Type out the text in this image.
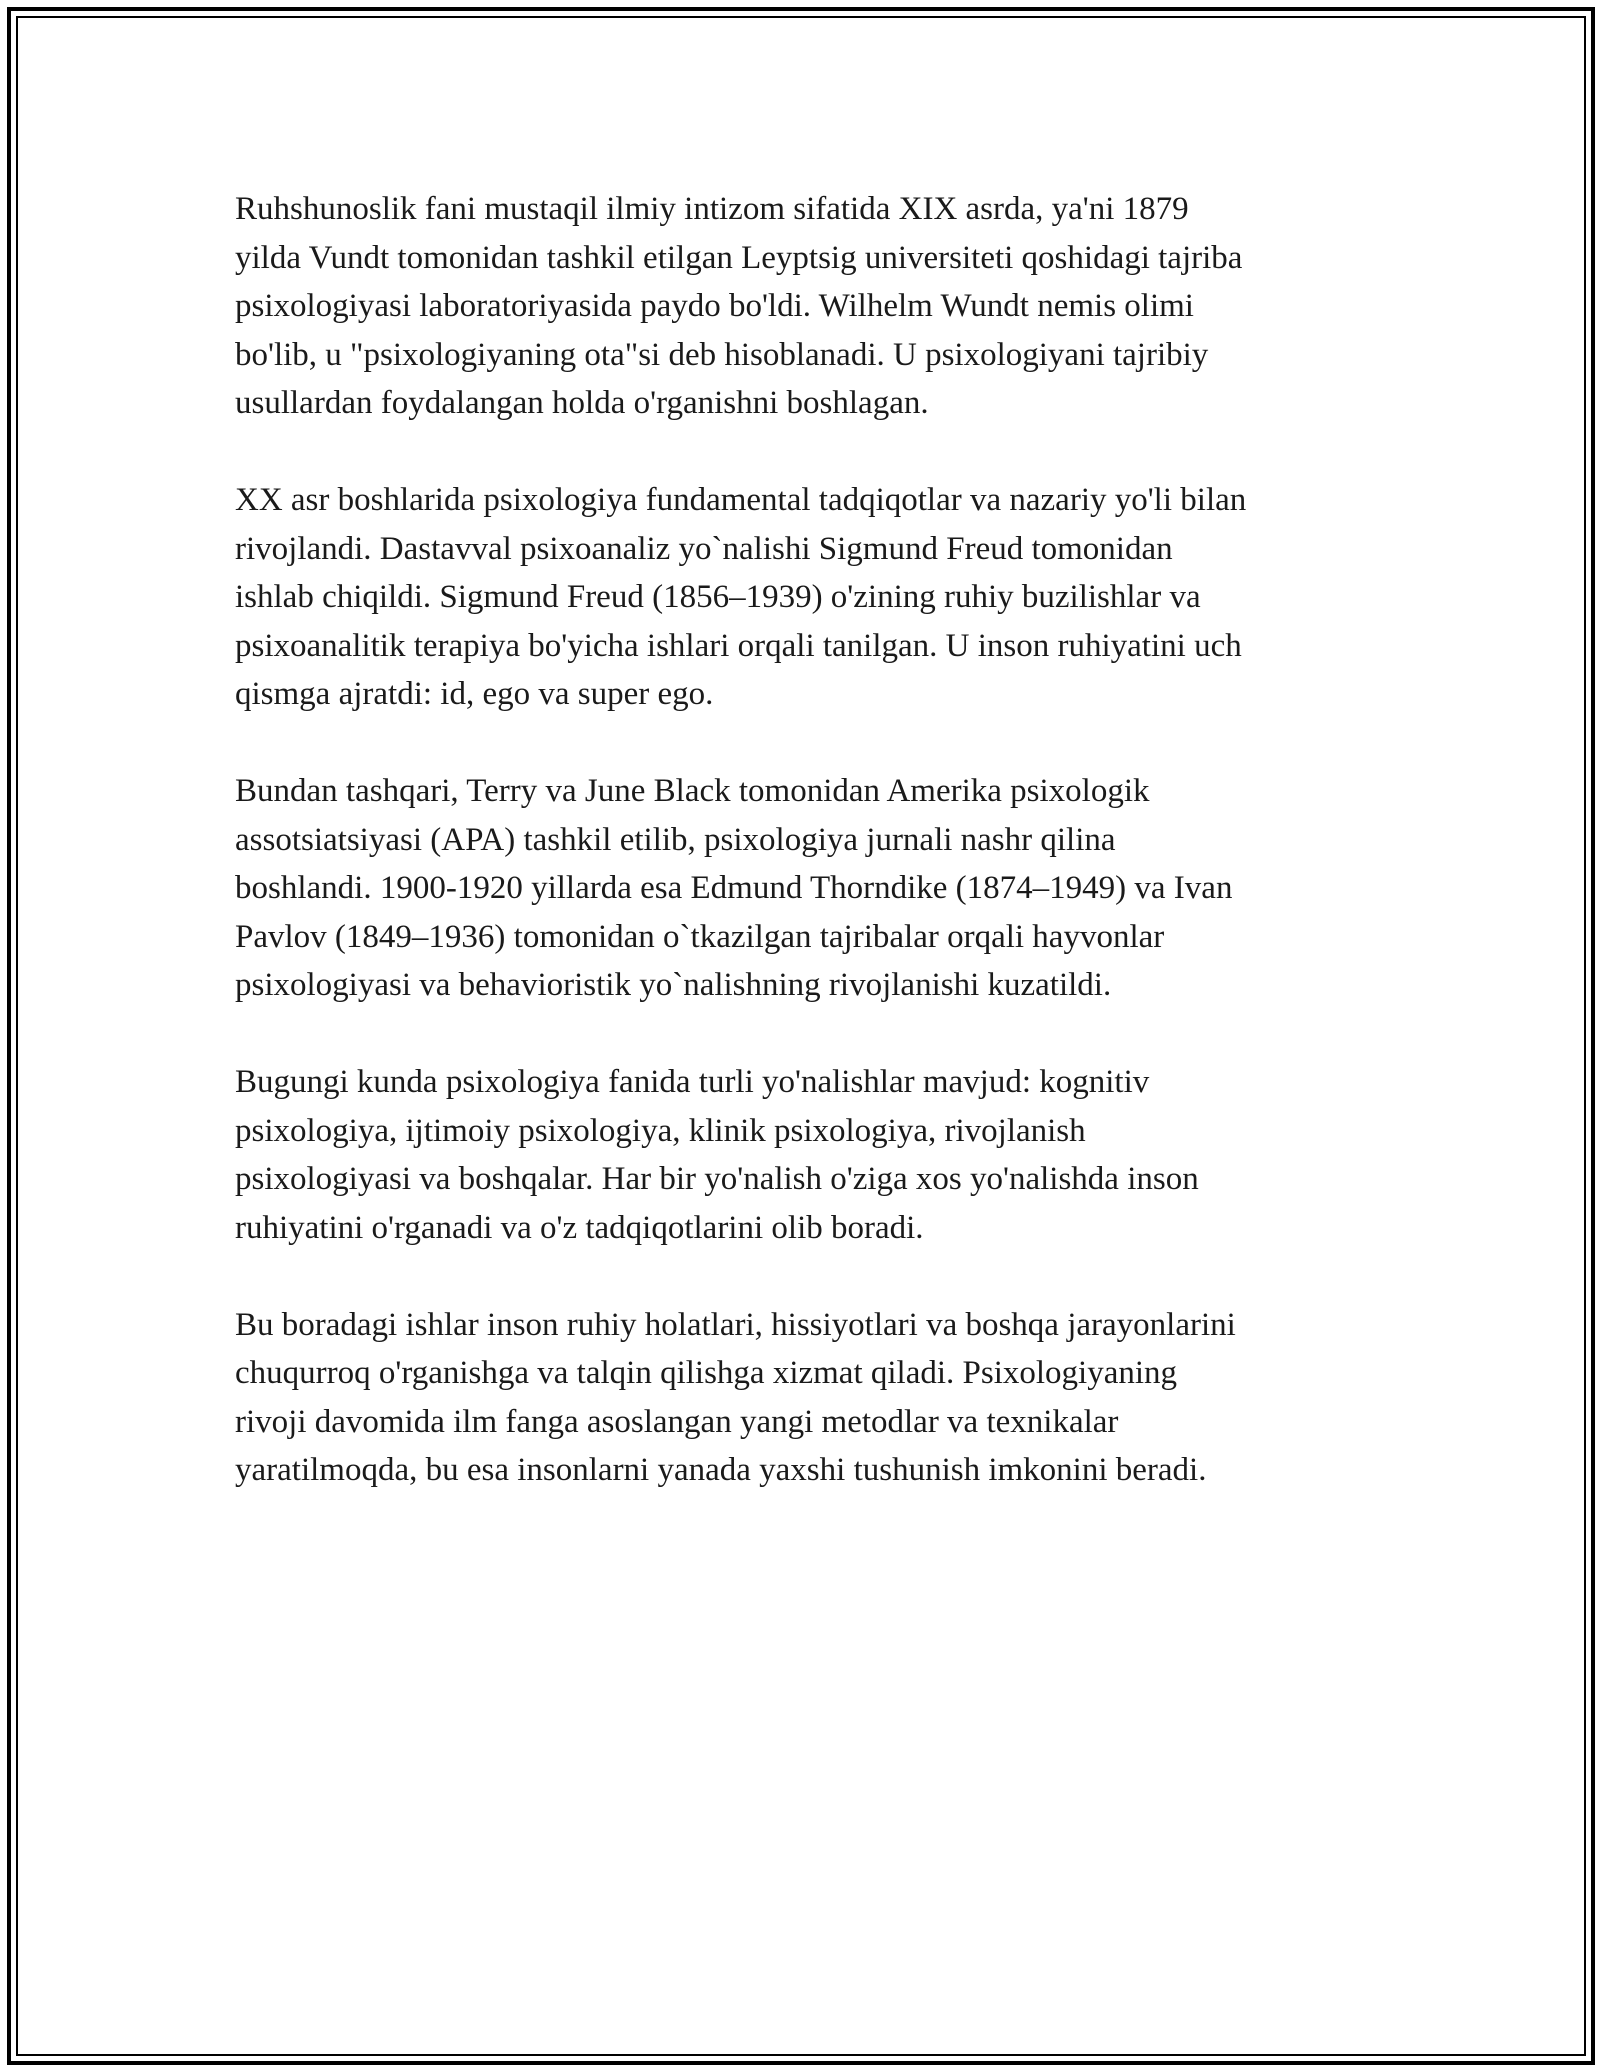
Ruhshunoslik fani mustaqil ilmiy intizom sifatida XIX asrda, ya'ni 1879
yilda Vundt tomonidan tashkil etilgan Leyptsig universiteti qoshidagi tajriba
psixologiyasi laboratoriyasida paydo bo'ldi. Wilhelm Wundt nemis olimi
bo'lib, u "psixologiyaning ota"si deb hisoblanadi. U psixologiyani tajribiy
usullardan foydalangan holda o'rganishni boshlagan.

XX asr boshlarida psixologiya fundamental tadqiqotlar va nazariy yo'li bilan
rivojlandi. Dastavval psixoanaliz yo`nalishi Sigmund Freud tomonidan
ishlab chiqildi. Sigmund Freud (1856–1939) o'zining ruhiy buzilishlar va
psixoanalitik terapiya bo'yicha ishlari orqali tanilgan. U inson ruhiyatini uch
qismga ajratdi: id, ego va super ego.

Bundan tashqari, Terry va June Black tomonidan Amerika psixologik
assotsiatsiyasi (APA) tashkil etilib, psixologiya jurnali nashr qilina
boshlandi. 1900-1920 yillarda esa Edmund Thorndike (1874–1949) va Ivan
Pavlov (1849–1936) tomonidan o`tkazilgan tajribalar orqali hayvonlar
psixologiyasi va behavioristik yo`nalishning rivojlanishi kuzatildi.

Bugungi kunda psixologiya fanida turli yo'nalishlar mavjud: kognitiv
psixologiya, ijtimoiy psixologiya, klinik psixologiya, rivojlanish
psixologiyasi va boshqalar. Har bir yo'nalish o'ziga xos yo'nalishda inson
ruhiyatini o'rganadi va o'z tadqiqotlarini olib boradi.

Bu boradagi ishlar inson ruhiy holatlari, hissiyotlari va boshqa jarayonlarini
chuqurroq o'rganishga va talqin qilishga xizmat qiladi. Psixologiyaning
rivoji davomida ilm fanga asoslangan yangi metodlar va texnikalar
yaratilmoqda, bu esa insonlarni yanada yaxshi tushunish imkonini beradi.
